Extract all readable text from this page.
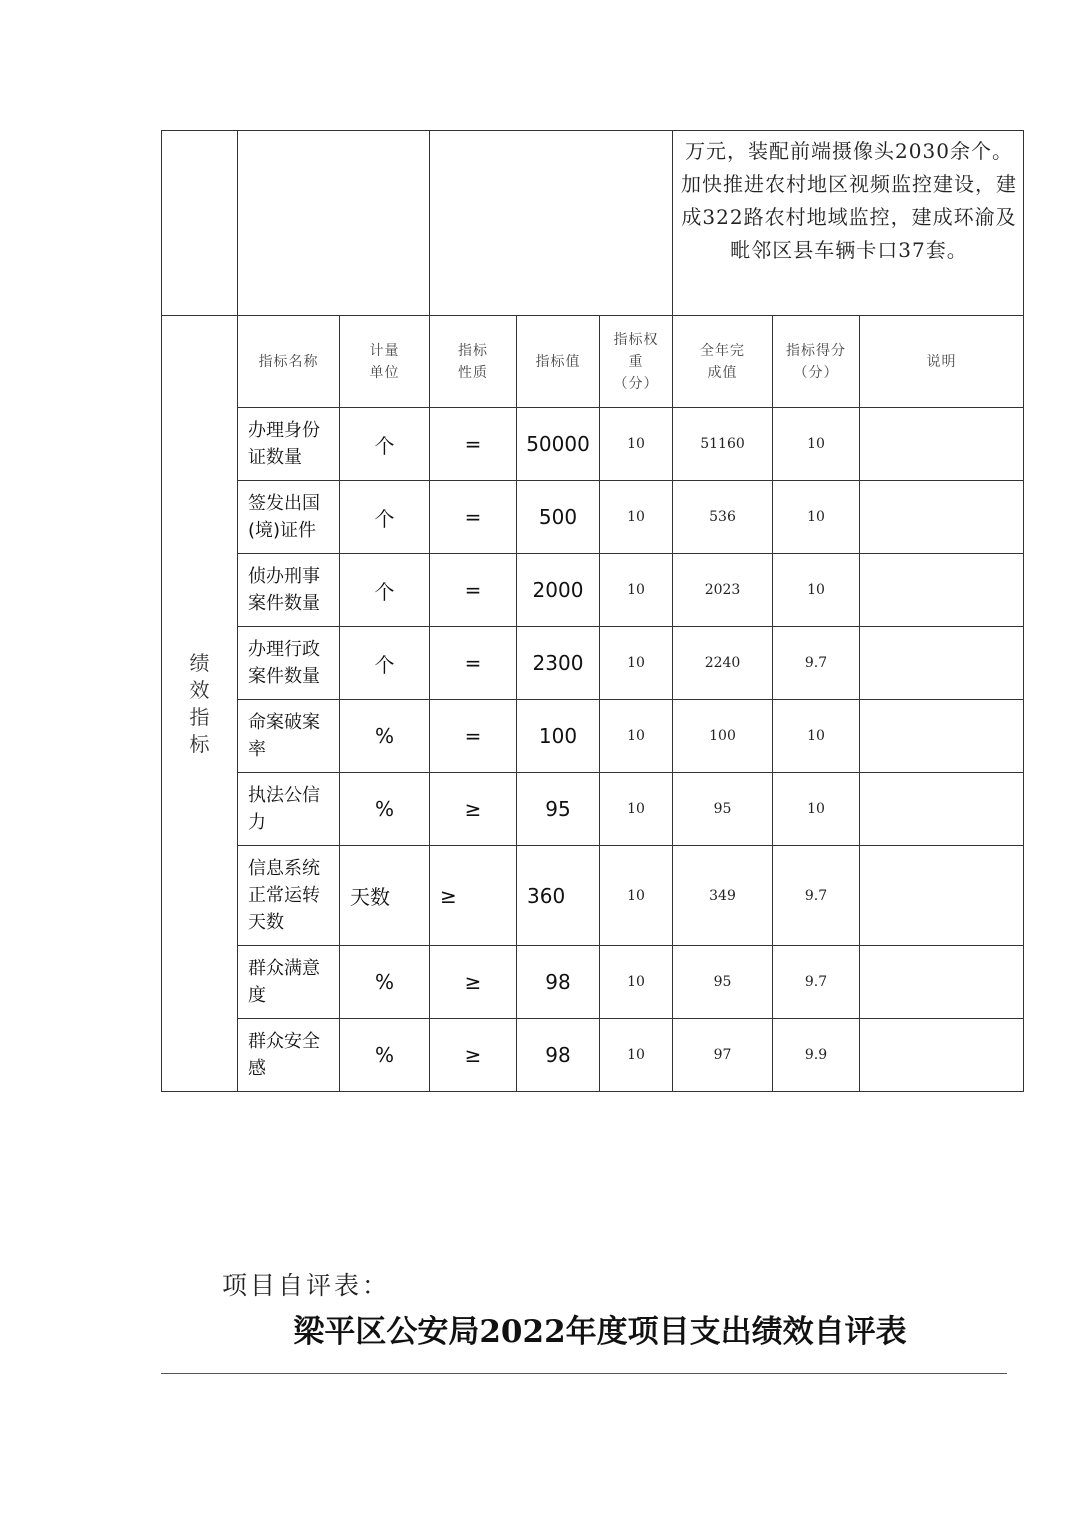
						万元，装配前端摄像头2030余个。加快推进农村地区视频监控建设，建成322路农村地域监控，建成环渝及毗邻区县车辆卡口37套。		
绩效指标	指标名称	计量单位	指标性质	指标值	指标权重（分）	全年完成值	指标得分（分）	说明

	办理身份证数量	个	=	50000	10	51160	10	

	签发出国(境)证件	个	=	500	10	536	10	

	侦办刑事案件数量	个	=	2000	10	2023	10	

	办理行政案件数量	个	=	2300	10	2240	9.7	

	命案破案率	%	=	100	10	100	10	

	执法公信力	%	≥	95	10	95	10	

	信息系统正常运转天数	天数	≥	360	10	349	9.7	

	群众满意度	%	≥	98	10	95	9.7	

	群众安全感	%	≥	98	10	97	9.9	
项目自评表：
梁平区公安局2022年度项目支出绩效自评表
